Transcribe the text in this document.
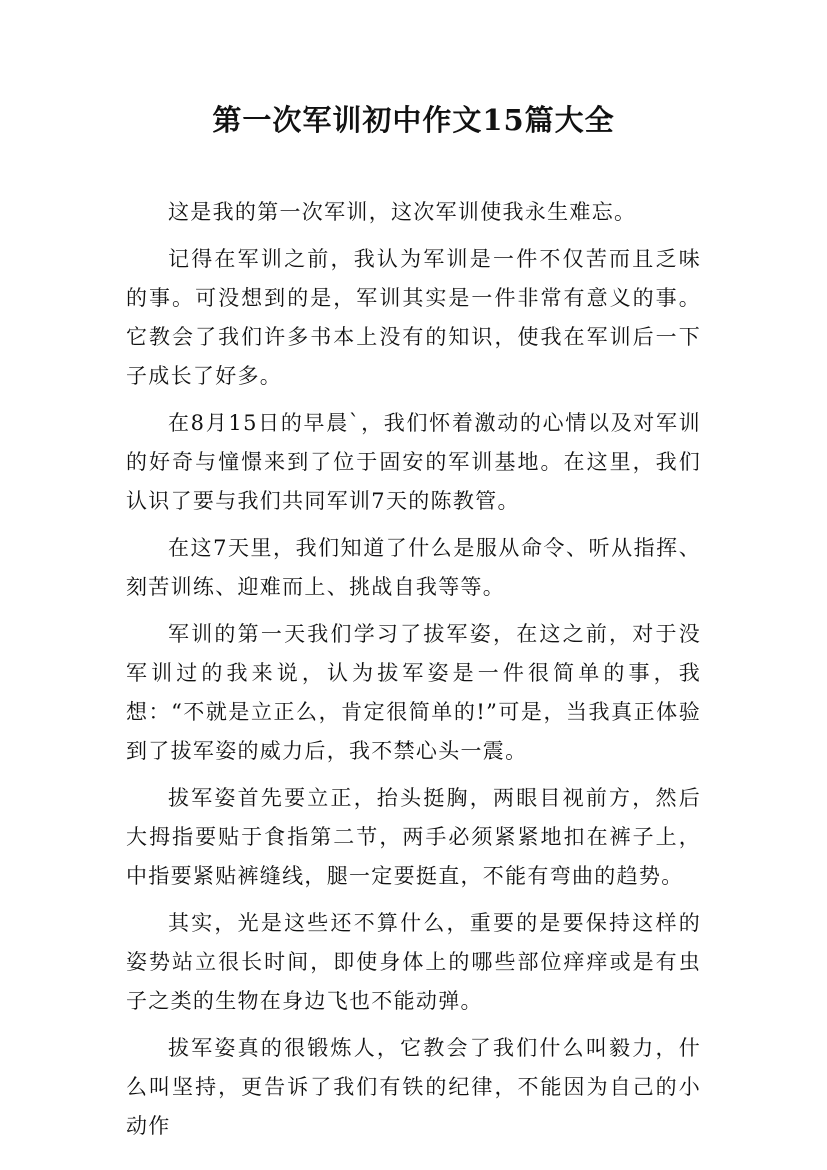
第一次军训初中作文15篇大全

这是我的第一次军训，这次军训使我永生难忘。

记得在军训之前，我认为军训是一件不仅苦而且乏味的事。可没想到的是，军训其实是一件非常有意义的事。它教会了我们许多书本上没有的知识，使我在军训后一下子成长了好多。

在8月15日的早晨`，我们怀着激动的心情以及对军训的好奇与憧憬来到了位于固安的军训基地。在这里，我们认识了要与我们共同军训7天的陈教管。

在这7天里，我们知道了什么是服从命令、听从指挥、刻苦训练、迎难而上、挑战自我等等。

军训的第一天我们学习了拔军姿，在这之前，对于没军训过的我来说，认为拔军姿是一件很简单的事，我想：“不就是立正么，肯定很简单的!”可是，当我真正体验到了拔军姿的威力后，我不禁心头一震。

拔军姿首先要立正，抬头挺胸，两眼目视前方，然后大拇指要贴于食指第二节，两手必须紧紧地扣在裤子上，中指要紧贴裤缝线，腿一定要挺直，不能有弯曲的趋势。

其实，光是这些还不算什么，重要的是要保持这样的姿势站立很长时间，即使身体上的哪些部位痒痒或是有虫子之类的生物在身边飞也不能动弹。

拔军姿真的很锻炼人，它教会了我们什么叫毅力，什么叫坚持，更告诉了我们有铁的纪律，不能因为自己的小动作
